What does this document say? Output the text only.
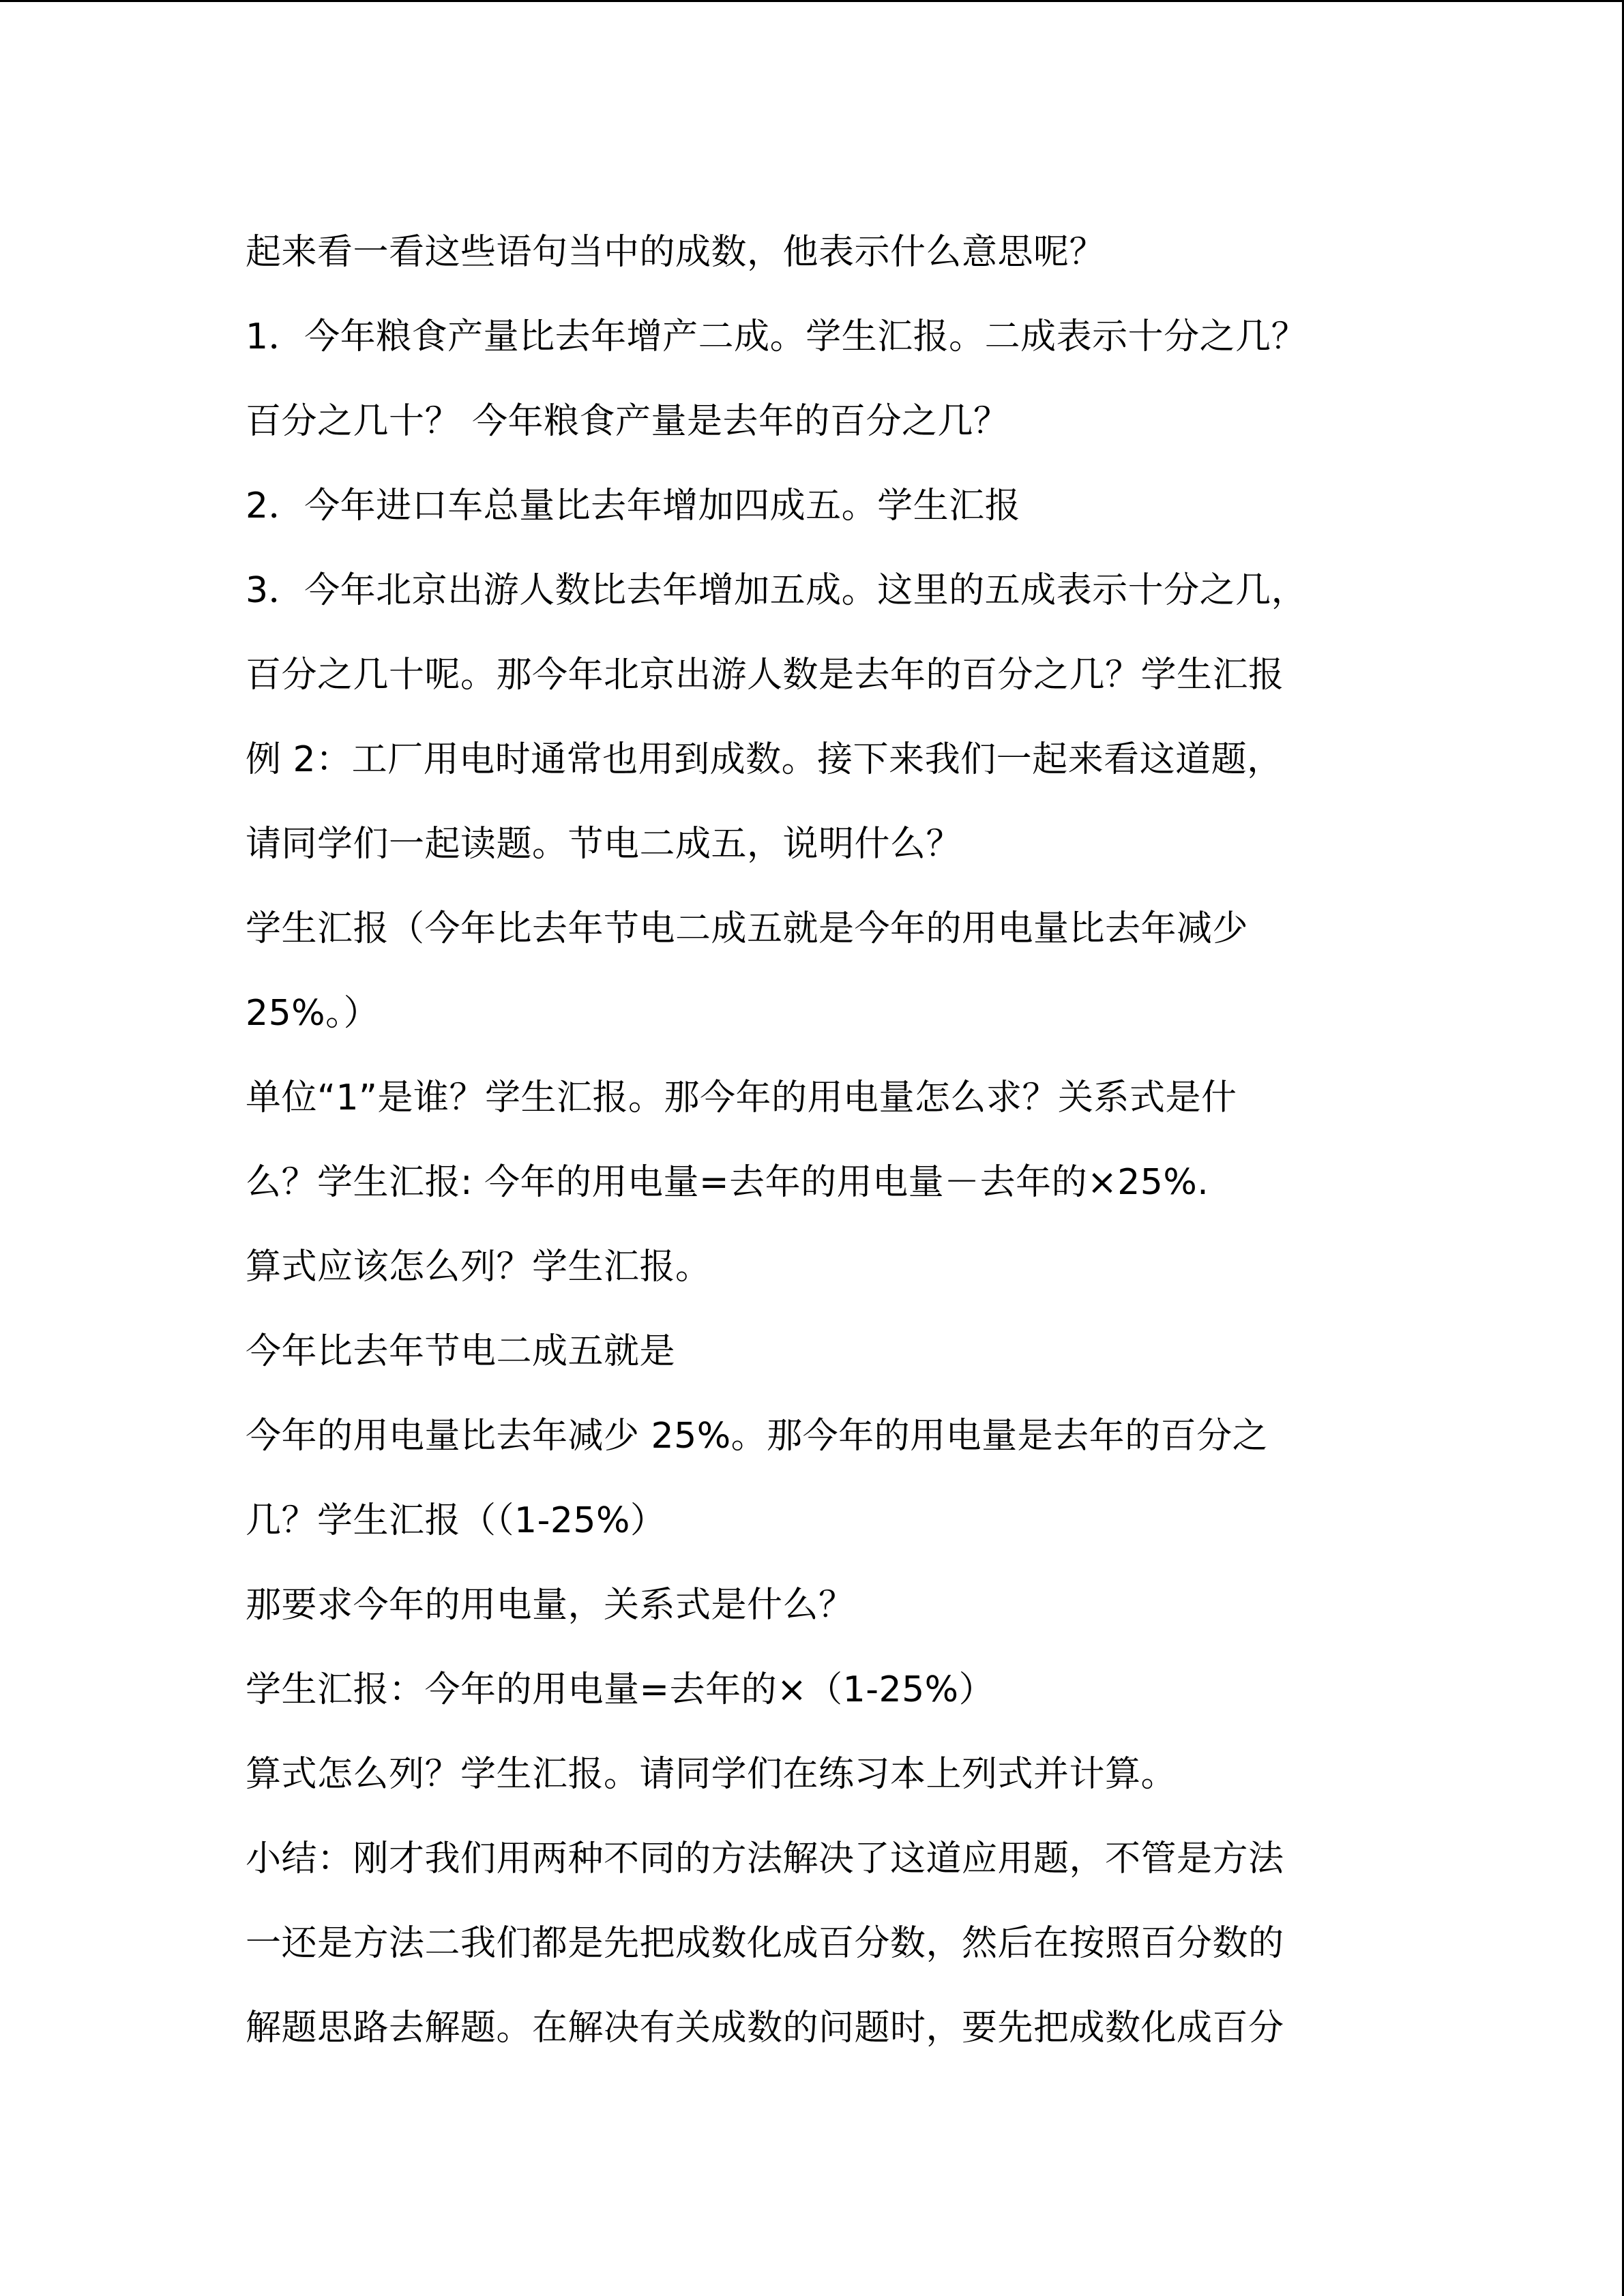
起来看一看这些语句当中的成数，他表示什么意思呢？
1．今年粮食产量比去年增产二成。学生汇报。二成表示十分之几？
百分之几十？ 今年粮食产量是去年的百分之几？
2．今年进口车总量比去年增加四成五。学生汇报
3．今年北京出游人数比去年增加五成。这里的五成表示十分之几，
百分之几十呢。那今年北京出游人数是去年的百分之几？学生汇报
例 2：工厂用电时通常也用到成数。接下来我们一起来看这道题，
请同学们一起读题。节电二成五，说明什么？
学生汇报（今年比去年节电二成五就是今年的用电量比去年减少
25%。）
单位“1”是谁？学生汇报。那今年的用电量怎么求？关系式是什
么？学生汇报: 今年的用电量=去年的用电量－去年的×25%.
算式应该怎么列？学生汇报。
今年比去年节电二成五就是
今年的用电量比去年减少 25%。那今年的用电量是去年的百分之
几？学生汇报（（1-25%）
那要求今年的用电量，关系式是什么？
学生汇报：今年的用电量=去年的×（1-25%）
算式怎么列？学生汇报。请同学们在练习本上列式并计算。
小结：刚才我们用两种不同的方法解决了这道应用题，不管是方法
一还是方法二我们都是先把成数化成百分数，然后在按照百分数的
解题思路去解题。在解决有关成数的问题时，要先把成数化成百分
